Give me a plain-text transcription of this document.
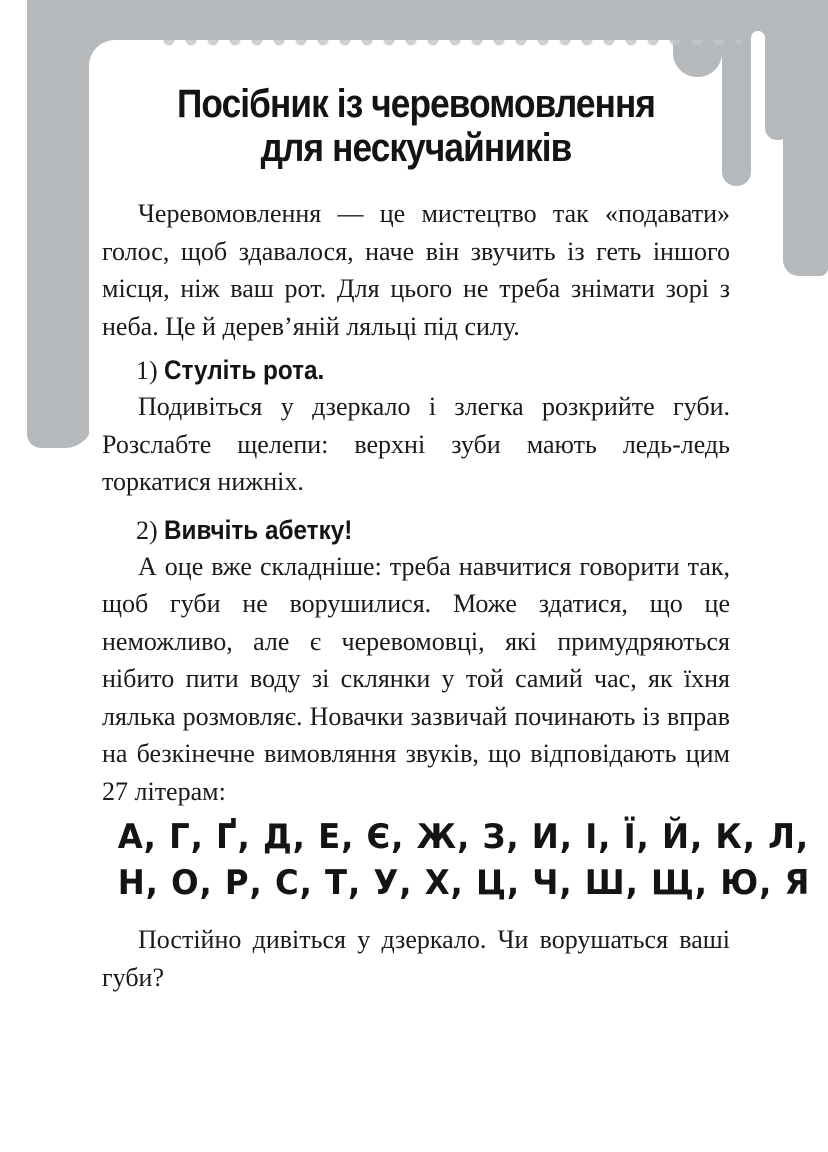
Посібник із черевомовлення
для нескучайників

Черевомовлення — це мистецтво так «подавати» голос, щоб здавалося, наче він звучить із геть іншого місця, ніж ваш рот. Для цього не треба знімати зорі з неба. Це й дерев’яній ляльці під силу.

1) Стуліть рота.

Подивіться у дзеркало і злегка розкрийте губи. Розслабте щелепи: верхні зуби мають ледь-ледь торкатися нижніх.

2) Вивчіть абетку!

А оце вже складніше: треба навчитися говорити так, щоб губи не ворушилися. Може здатися, що це неможливо, але є черевомовці, які примудряються нібито пити воду зі склянки у той самий час, як їхня лялька розмовляє. Новачки зазвичай починають із вправ на безкінечне вимовляння звуків, що відповідають цим 27 літерам:

А, Г, Ґ, Д, Е, Є, Ж, З, И, І, Ї, Й, К, Л,
Н, О, Р, С, Т, У, Х, Ц, Ч, Ш, Щ, Ю, Я

Постійно дивіться у дзеркало. Чи ворушаться ваші губи?
